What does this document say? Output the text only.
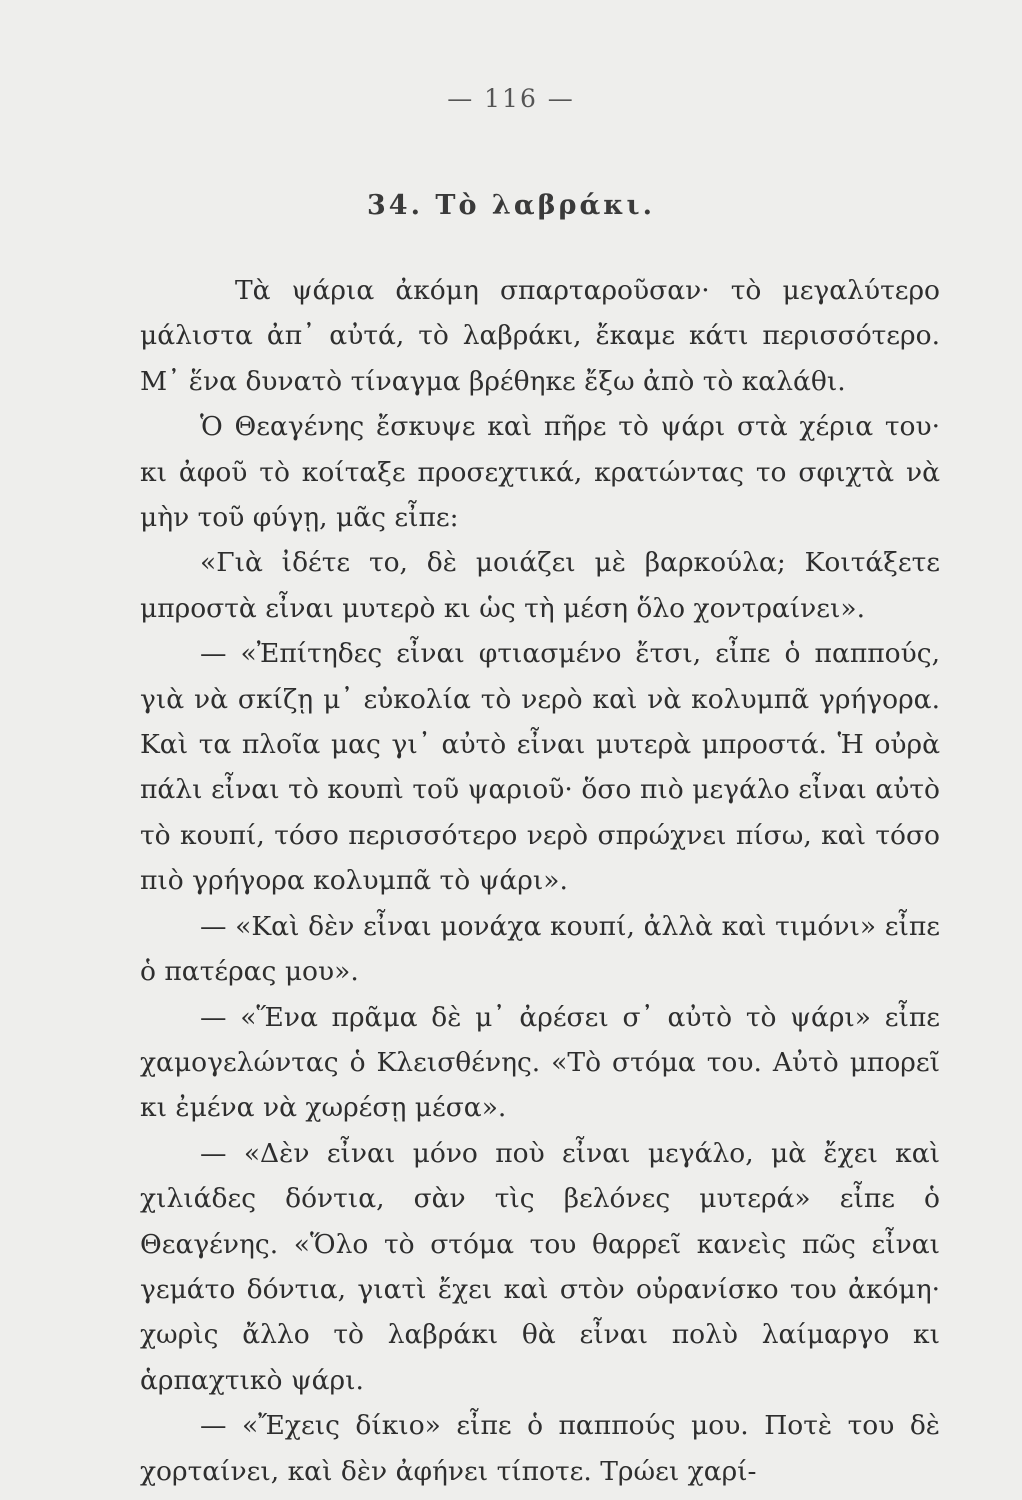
— 116 —
34. Τὸ λαβράκι.

Τὰ ψάρια ἀκόμη σπαρταροῦσαν· τὸ μεγαλύτερο μάλιστα ἀπ᾽ αὐτά, τὸ λαβράκι, ἔκαμε κάτι περισσότερο. Μ᾽ ἕνα δυνατὸ τίναγμα βρέθηκε ἔξω ἀπὸ τὸ καλάθι.

Ὁ Θεαγένης ἔσκυψε καὶ πῆρε τὸ ψάρι στὰ χέρια του· κι ἀφοῦ τὸ κοίταξε προσεχτικά, κρατώντας το σφιχτὰ νὰ μὴν τοῦ φύγῃ, μᾶς εἶπε:

«Γιὰ ἰδέτε το, δὲ μοιάζει μὲ βαρκούλα; Κοιτάξετε μπροστὰ εἶναι μυτερὸ κι ὡς τὴ μέση ὅλο χοντραίνει».

— «Ἐπίτηδες εἶναι φτιασμένο ἔτσι, εἶπε ὁ παππούς, γιὰ νὰ σκίζῃ μ᾽ εὐκολία τὸ νερὸ καὶ νὰ κολυμπᾶ γρήγορα. Καὶ τα πλοῖα μας γι᾽ αὐτὸ εἶναι μυτερὰ μπροστά. Ἡ οὐρὰ πάλι εἶναι τὸ κουπὶ τοῦ ψαριοῦ· ὅσο πιὸ μεγάλο εἶναι αὐτὸ τὸ κουπί, τόσο περισσότερο νερὸ σπρώχνει πίσω, καὶ τόσο πιὸ γρήγορα κολυμπᾶ τὸ ψάρι».

— «Καὶ δὲν εἶναι μονάχα κουπί, ἀλλὰ καὶ τιμόνι» εἶπε ὁ πατέρας μου».

— «Ἕνα πρᾶμα δὲ μ᾽ ἀρέσει σ᾽ αὐτὸ τὸ ψάρι» εἶπε χαμογελώντας ὁ Κλεισθένης. «Τὸ στόμα του. Αὐτὸ μπορεῖ κι ἐμένα νὰ χωρέσῃ μέσα».

— «Δὲν εἶναι μόνο ποὺ εἶναι μεγάλο, μὰ ἔχει καὶ χιλιάδες δόντια, σὰν τὶς βελόνες μυτερά» εἶπε ὁ Θεαγένης. «Ὅλο τὸ στόμα του θαρρεῖ κανεὶς πῶς εἶναι γεμάτο δόντια, γιατὶ ἔχει καὶ στὸν οὐρανίσκο του ἀκόμη· χωρὶς ἄλλο τὸ λαβράκι θὰ εἶναι πολὺ λαίμαργο κι ἁρπαχτικὸ ψάρι.

— «Ἔχεις δίκιο» εἶπε ὁ παππούς μου. Ποτὲ του δὲ χορταίνει, καὶ δὲν ἀφήνει τίποτε. Τρώει χαρί-
